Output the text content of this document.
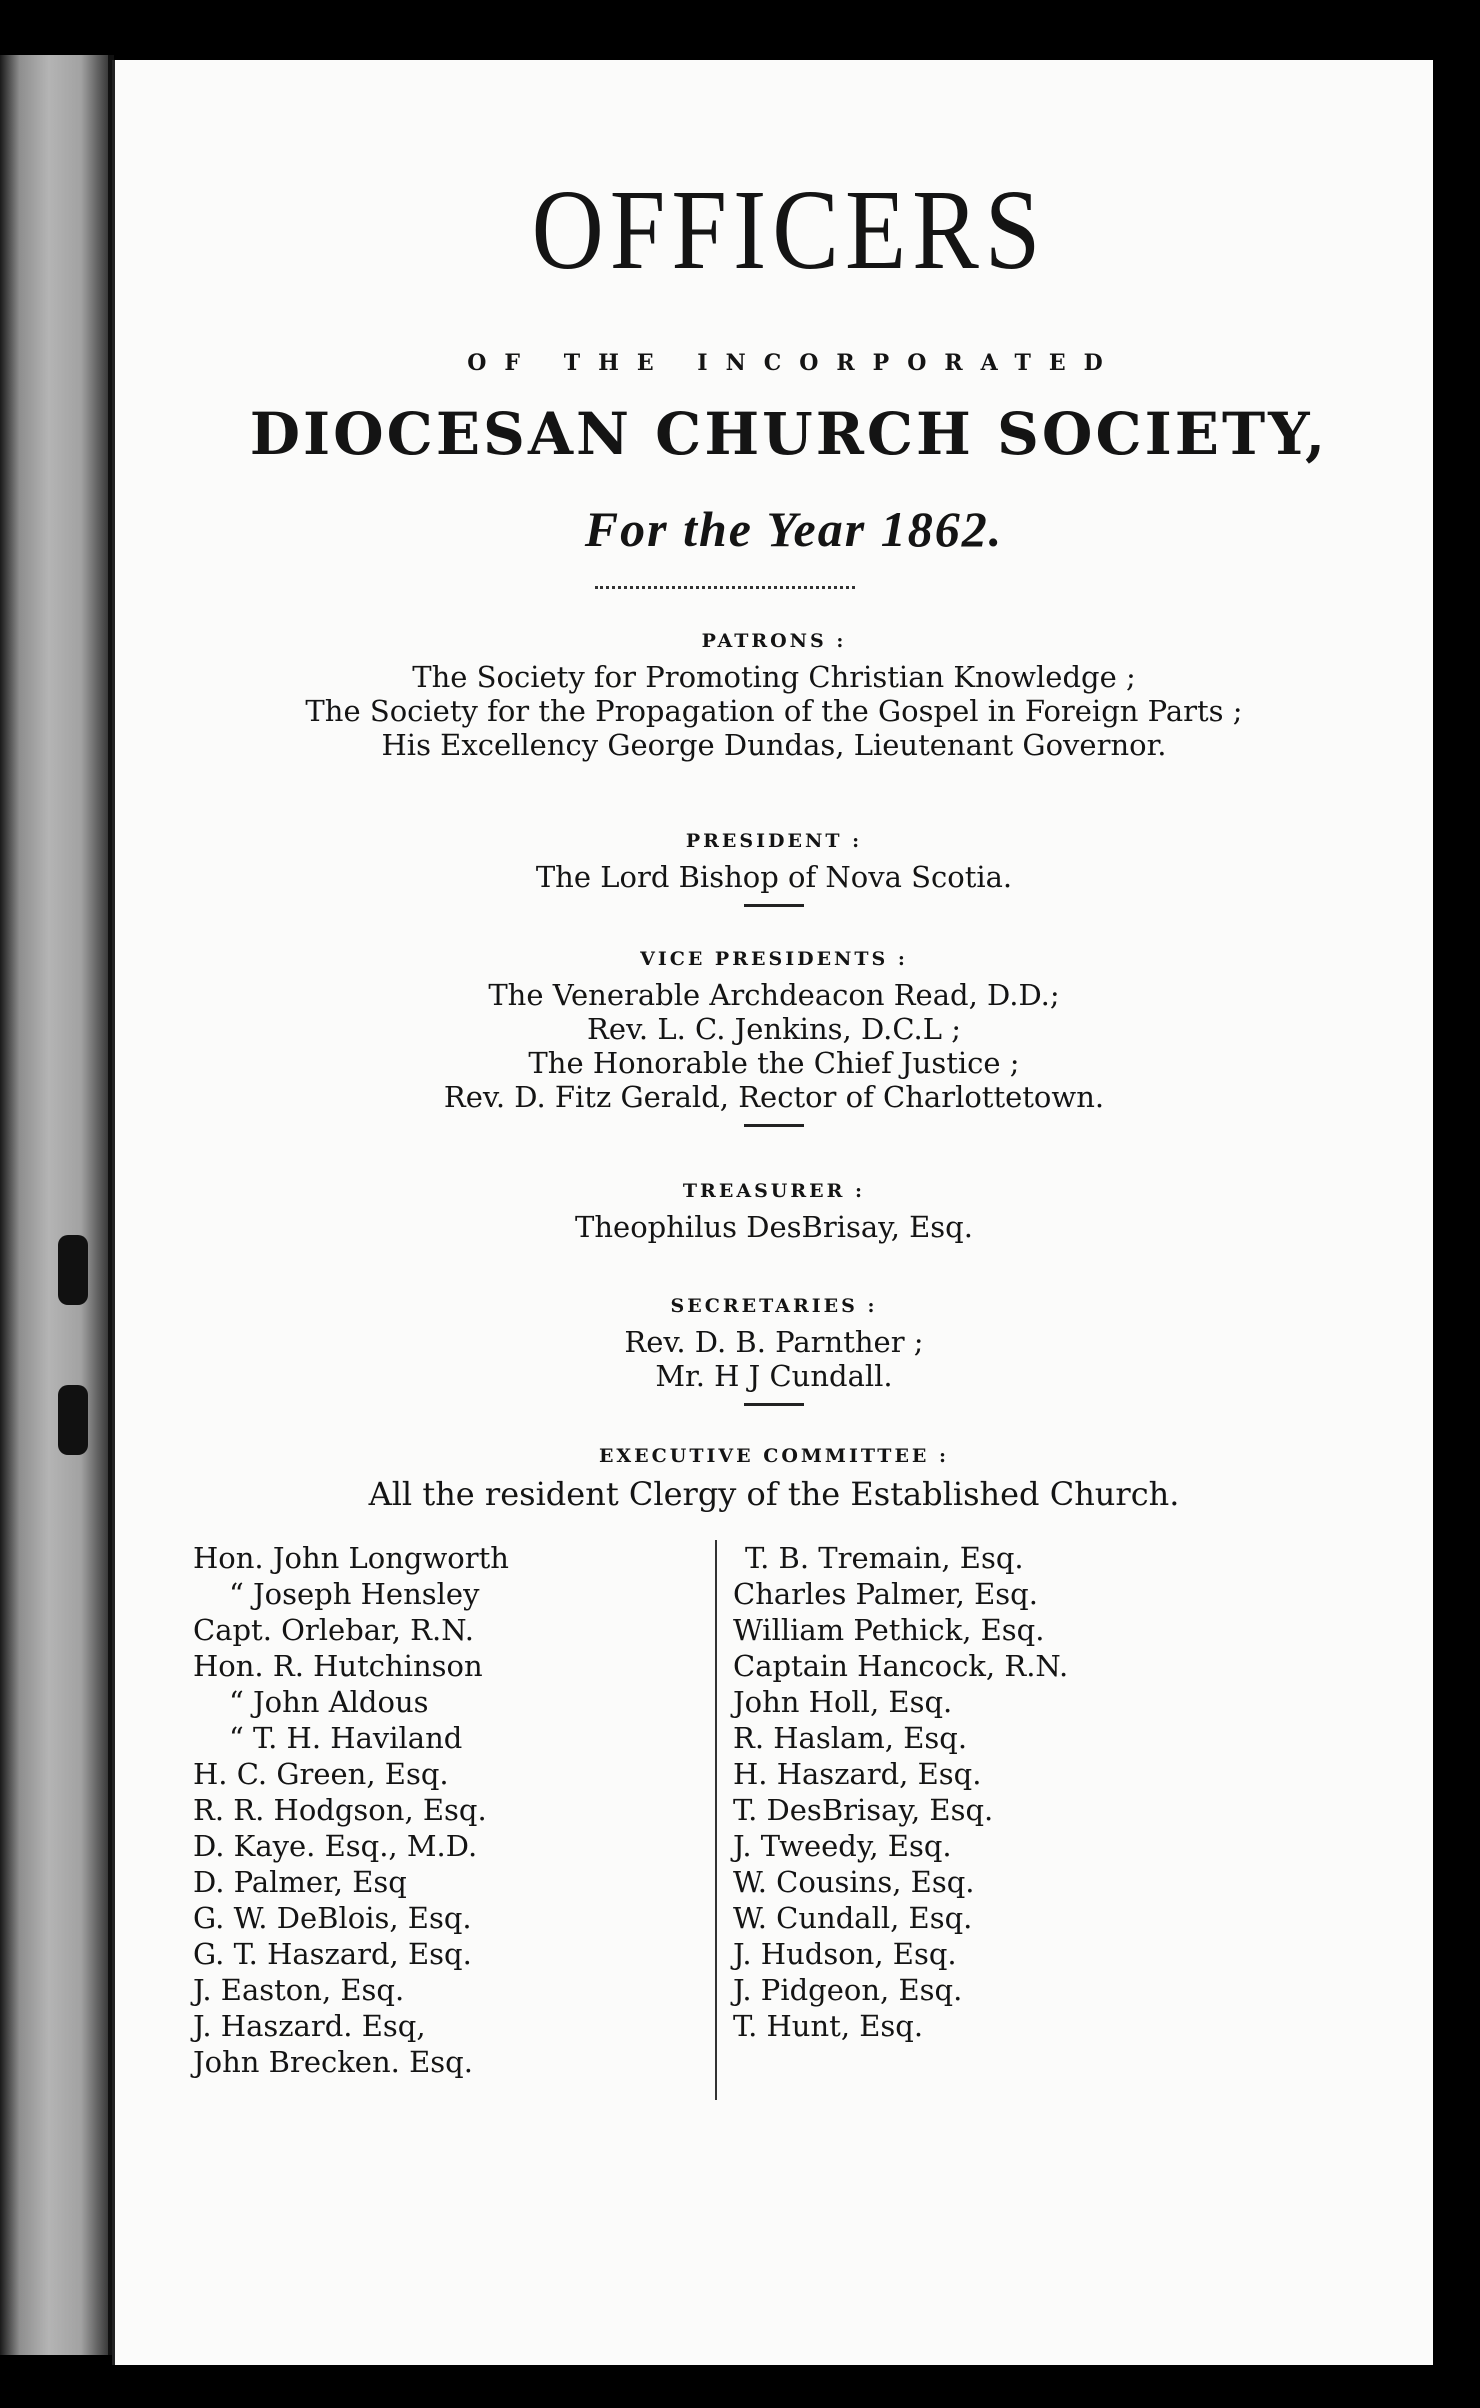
OFFICERS
OF THE INCORPORATED
DIOCESAN CHURCH SOCIETY,
For the Year 1862.

PATRONS :

The Society for Promoting Christian Knowledge ;

The Society for the Propagation of the Gospel in Foreign Parts ;

His Excellency George Dundas, Lieutenant Governor.

PRESIDENT :

The Lord Bishop of Nova Scotia.

VICE PRESIDENTS :

The Venerable Archdeacon Read, D.D.;

Rev. L. C. Jenkins, D.C.L ;

The Honorable the Chief Justice ;

Rev. D. Fitz Gerald, Rector of Charlottetown.

TREASURER :

Theophilus DesBrisay, Esq.

SECRETARIES :

Rev. D. B. Parnther ;

Mr. H J Cundall.

EXECUTIVE COMMITTEE :

All the resident Clergy of the Established Church.

Hon. John Longworth
“ Joseph Hensley
Capt. Orlebar, R.N.
Hon. R. Hutchinson
“ John Aldous
“ T. H. Haviland
H. C. Green, Esq.
R. R. Hodgson, Esq.
D. Kaye. Esq., M.D.
D. Palmer, Esq
G. W. DeBlois, Esq.
G. T. Haszard, Esq.
J. Easton, Esq.
J. Haszard. Esq,
John Brecken. Esq.
T. B. Tremain, Esq.
Charles Palmer, Esq.
William Pethick, Esq.
Captain Hancock, R.N.
John Holl, Esq.
R. Haslam, Esq.
H. Haszard, Esq.
T. DesBrisay, Esq.
J. Tweedy, Esq.
W. Cousins, Esq.
W. Cundall, Esq.
J. Hudson, Esq.
J. Pidgeon, Esq.
T. Hunt, Esq.
